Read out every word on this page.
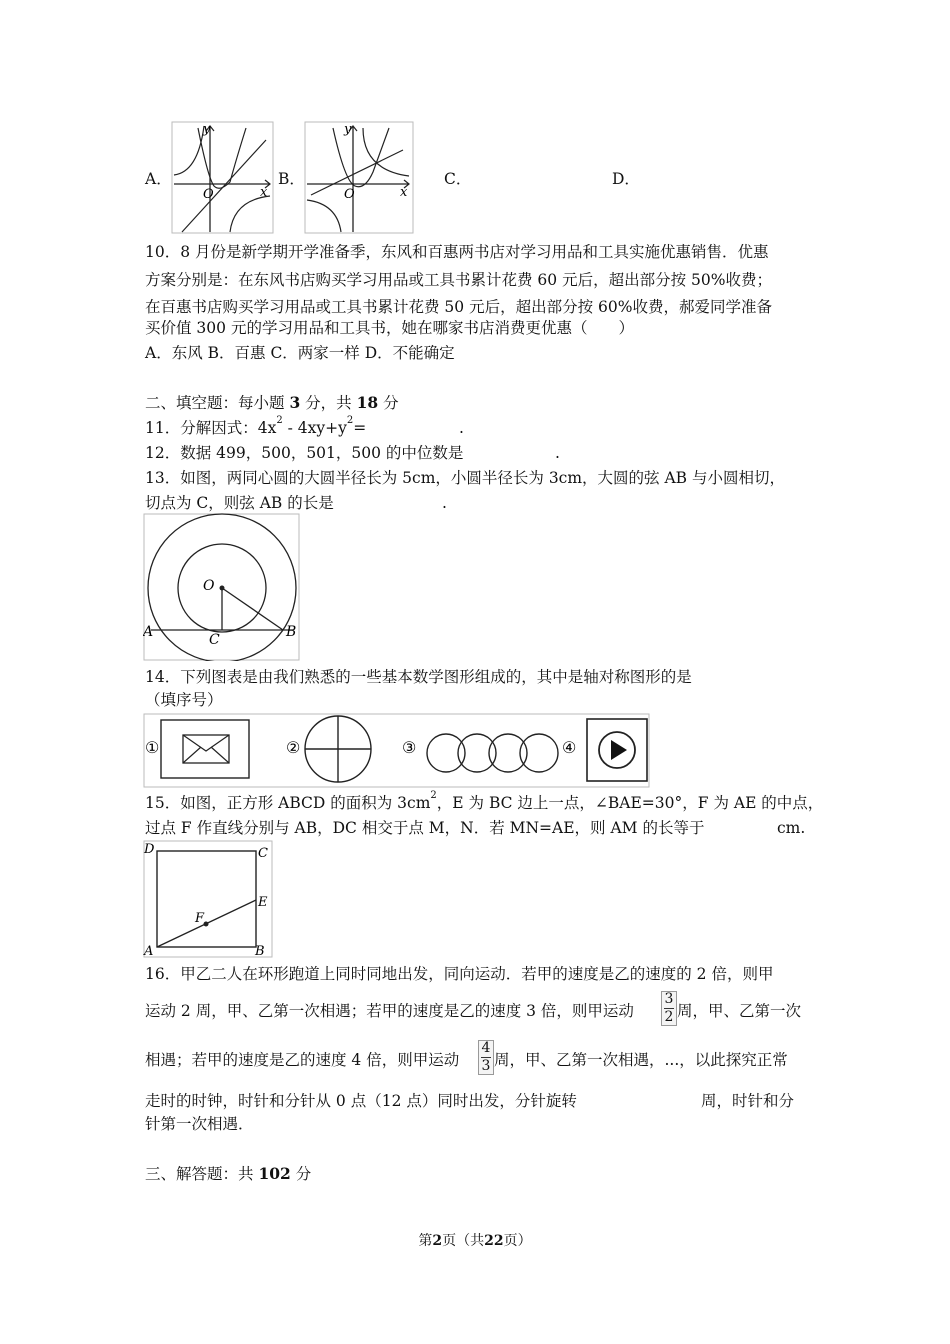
A．
y
O	x
B．
y
O	x
C．	D．
10．8 月份是新学期开学准备季，东风和百惠两书店对学习用品和工具实施优惠销售．优惠
方案分别是：在东风书店购买学习用品或工具书累计花费 60 元后，超出部分按 50%收费；
在百惠书店购买学习用品或工具书累计花费 50 元后，超出部分按 60%收费，郝爱同学准备
买价值 300 元的学习用品和工具书，她在哪家书店消费更优惠（　　）
A．东风 B．百惠 C．两家一样 D．不能确定
二、填空题：每小题 3 分，共 18 分
11．分解因式：$4x^2 - 4xy+y^2=$	.
12．数据 499，500，501，500 的中位数是	.
13．如图，两同心圆的大圆半径长为 5cm，小圆半径长为 3cm，大圆的弦 AB 与小圆相切，
切点为 C，则弦 AB 的长是	.
O
A	B
C
14．下列图表是由我们熟悉的一些基本数学图形组成的，其中是轴对称图形的是
（填序号）
①	②	③	④
15．如图，正方形 ABCD 的面积为 $3cm^2$，E 为 BC 边上一点，∠BAE=30°，F 为 AE 的中点，
过点 F 作直线分别与 AB，DC 相交于点 M，N．若 MN=AE，则 AM 的长等于	cm.
D	C
E
F
A	B
16．甲乙二人在环形跑道上同时同地出发，同向运动．若甲的速度是乙的速度的 2 倍，则甲
运动 2 周，甲、乙第一次相遇；若甲的速度是乙的速度 3 倍，则甲运动
3
2 周，甲、乙第一次
相遇；若甲的速度是乙的速度 4 倍，则甲运动
4
3 周，甲、乙第一次相遇，...，以此探究正常
走时的时钟，时针和分针从 0 点（12 点）同时出发，分针旋转	周，时针和分
针第一次相遇．
三、解答题：共 102 分
第2页（共22页）
